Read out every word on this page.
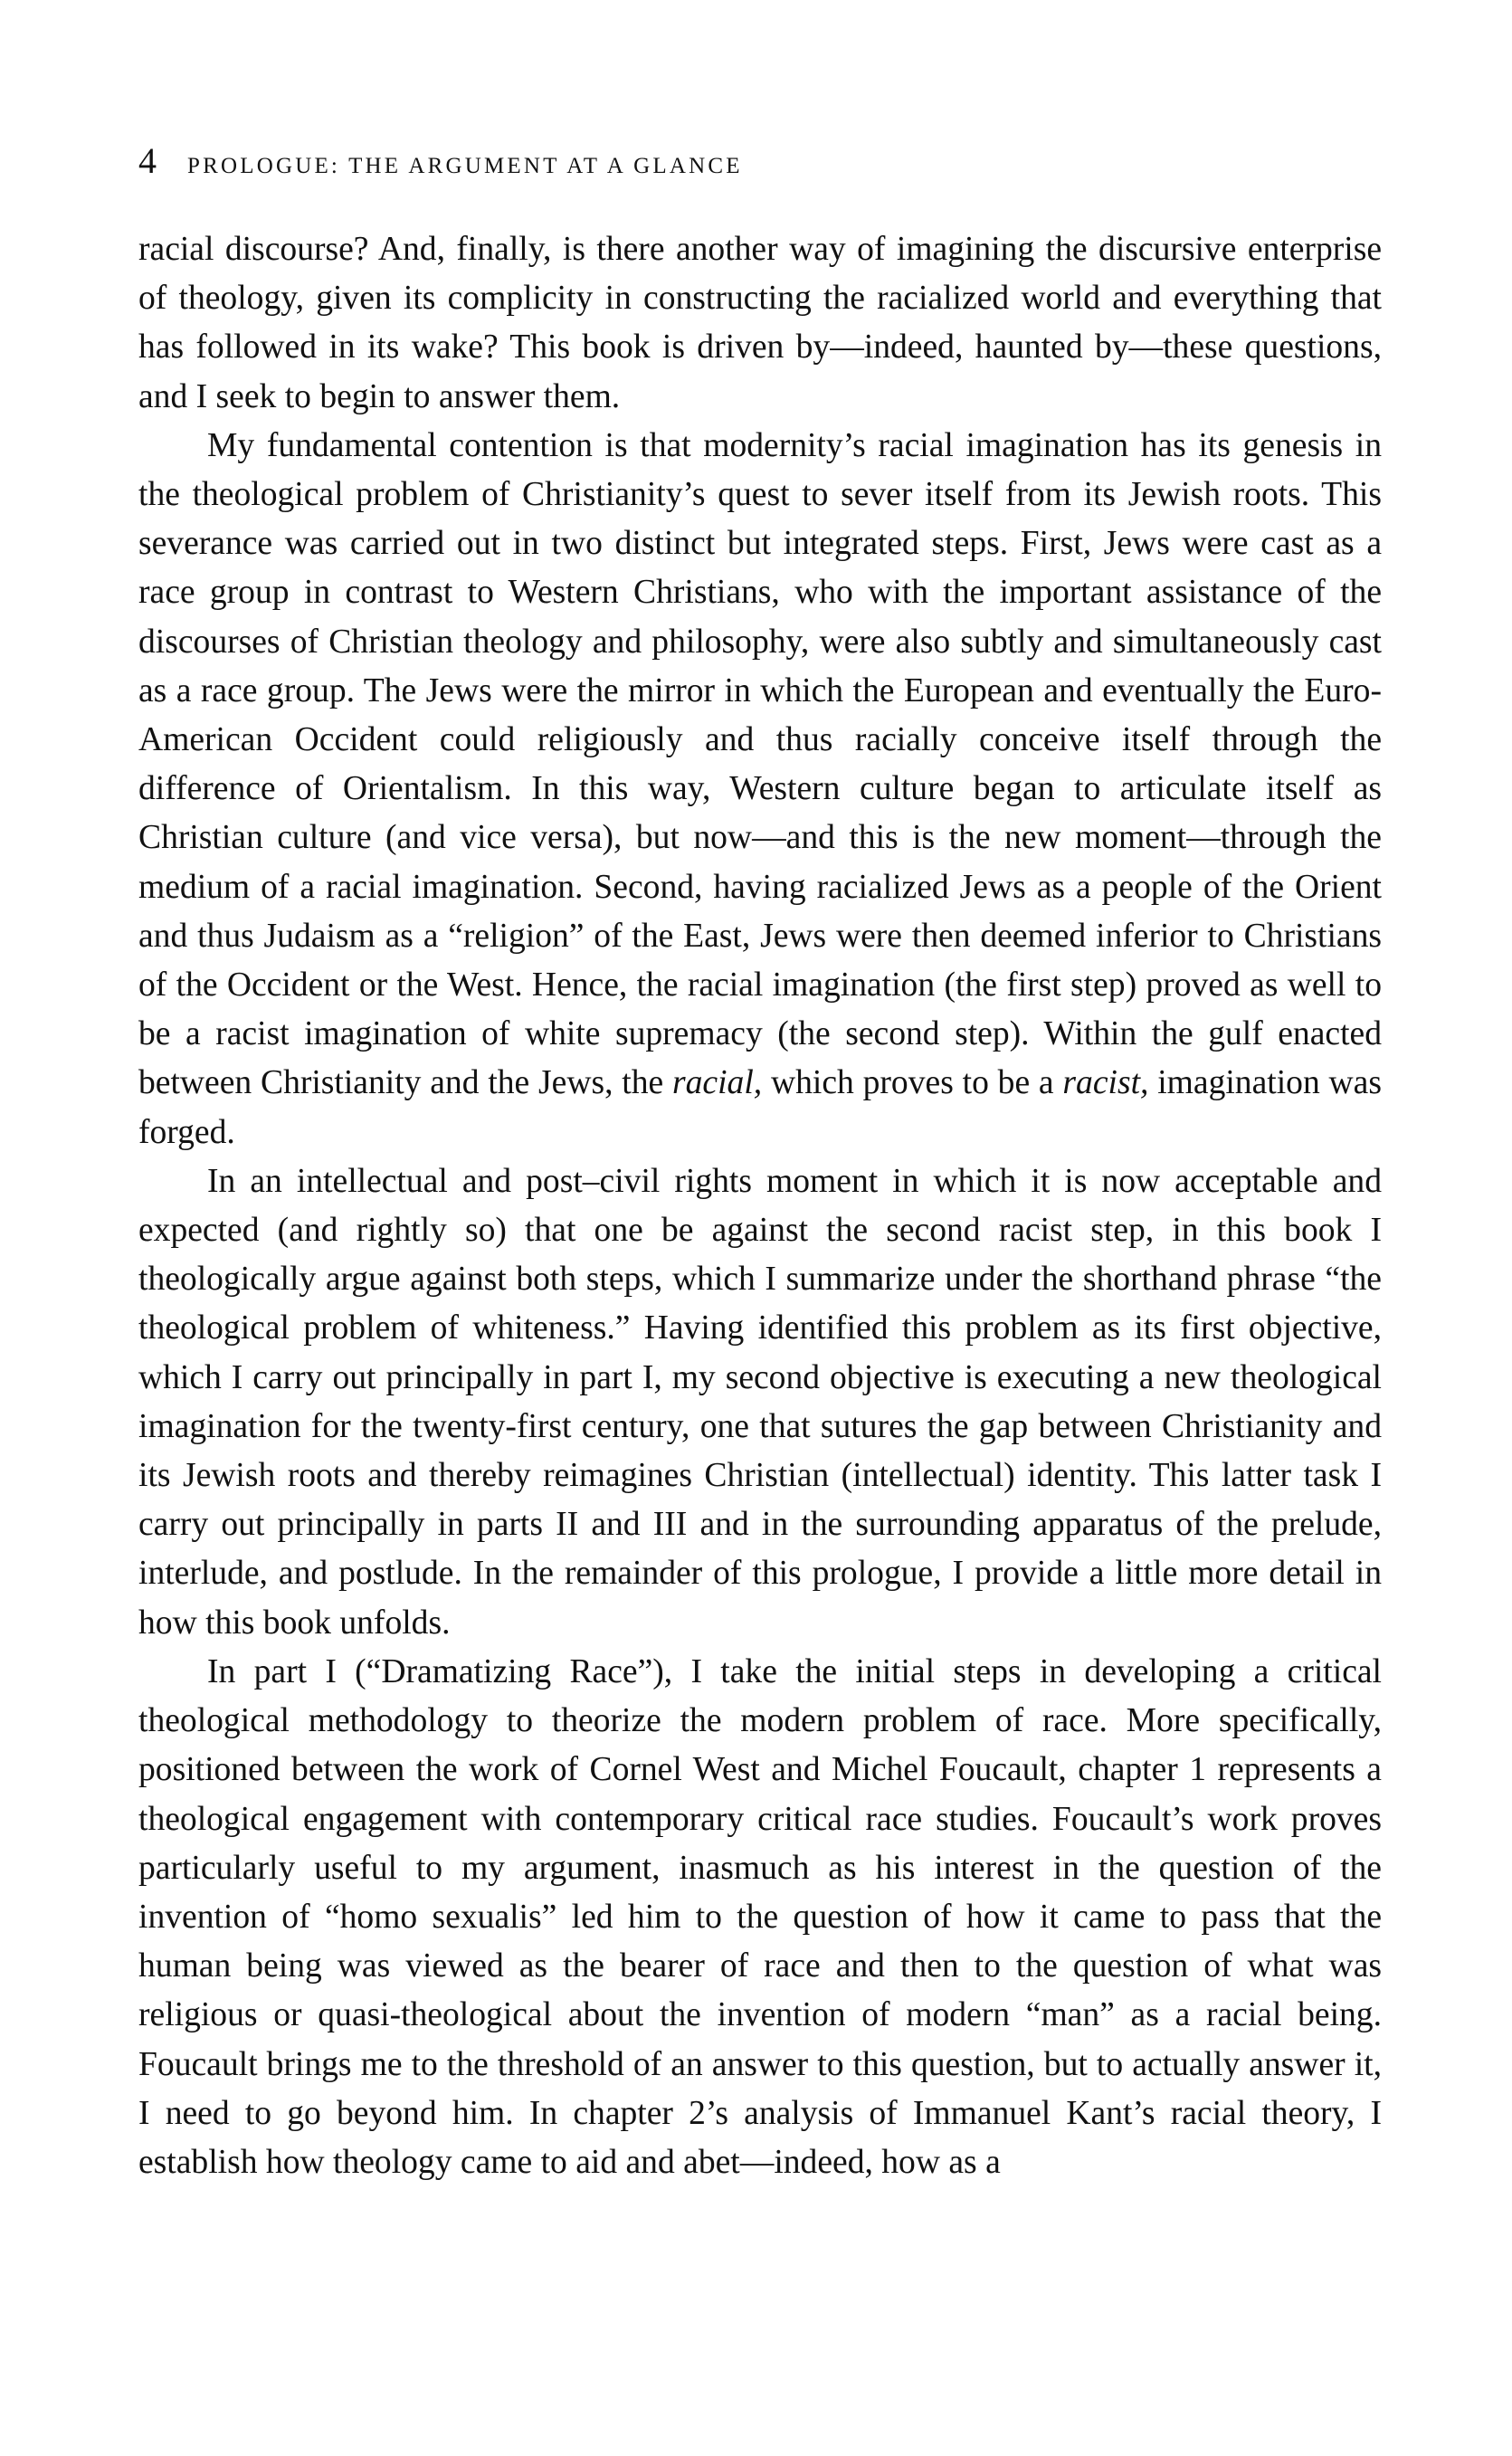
4 PROLOGUE: THE ARGUMENT AT A GLANCE

racial discourse? And, finally, is there another way of imagining the discursive enterprise of theology, given its complicity in constructing the racialized world and everything that has followed in its wake? This book is driven by—indeed, haunted by—these questions, and I seek to begin to answer them.

My fundamental contention is that modernity’s racial imagination has its genesis in the theological problem of Christianity’s quest to sever itself from its Jewish roots. This severance was carried out in two distinct but integrated steps. First, Jews were cast as a race group in contrast to Western Christians, who with the important assistance of the discourses of Christian theology and philosophy, were also subtly and simultaneously cast as a race group. The Jews were the mirror in which the European and eventually the Euro-American Occident could religiously and thus racially conceive itself through the difference of Orientalism. In this way, Western culture began to articulate itself as Christian culture (and vice versa), but now—and this is the new moment—through the medium of a racial imagination. Second, having racialized Jews as a people of the Orient and thus Judaism as a “religion” of the East, Jews were then deemed inferior to Christians of the Occident or the West. Hence, the racial imagination (the first step) proved as well to be a racist imagination of white supremacy (the second step). Within the gulf enacted between Christianity and the Jews, the racial, which proves to be a racist, imagination was forged.

In an intellectual and post–civil rights moment in which it is now acceptable and expected (and rightly so) that one be against the second racist step, in this book I theologically argue against both steps, which I summarize under the shorthand phrase “the theological problem of whiteness.” Having identified this problem as its first objective, which I carry out principally in part I, my second objective is executing a new theological imagination for the twenty-first century, one that sutures the gap between Christianity and its Jewish roots and thereby reimagines Christian (intellectual) identity. This latter task I carry out principally in parts II and III and in the surrounding apparatus of the prelude, interlude, and postlude. In the remainder of this prologue, I provide a little more detail in how this book unfolds.

In part I (“Dramatizing Race”), I take the initial steps in developing a critical theological methodology to theorize the modern problem of race. More specifically, positioned between the work of Cornel West and Michel Foucault, chapter 1 represents a theological engagement with contemporary critical race studies. Foucault’s work proves particularly useful to my argument, inasmuch as his interest in the question of the invention of “homo sexualis” led him to the question of how it came to pass that the human being was viewed as the bearer of race and then to the question of what was religious or quasi-theological about the invention of modern “man” as a racial being. Foucault brings me to the threshold of an answer to this question, but to actually answer it, I need to go beyond him. In chapter 2’s analysis of Immanuel Kant’s racial theory, I establish how theology came to aid and abet—indeed, how as a
